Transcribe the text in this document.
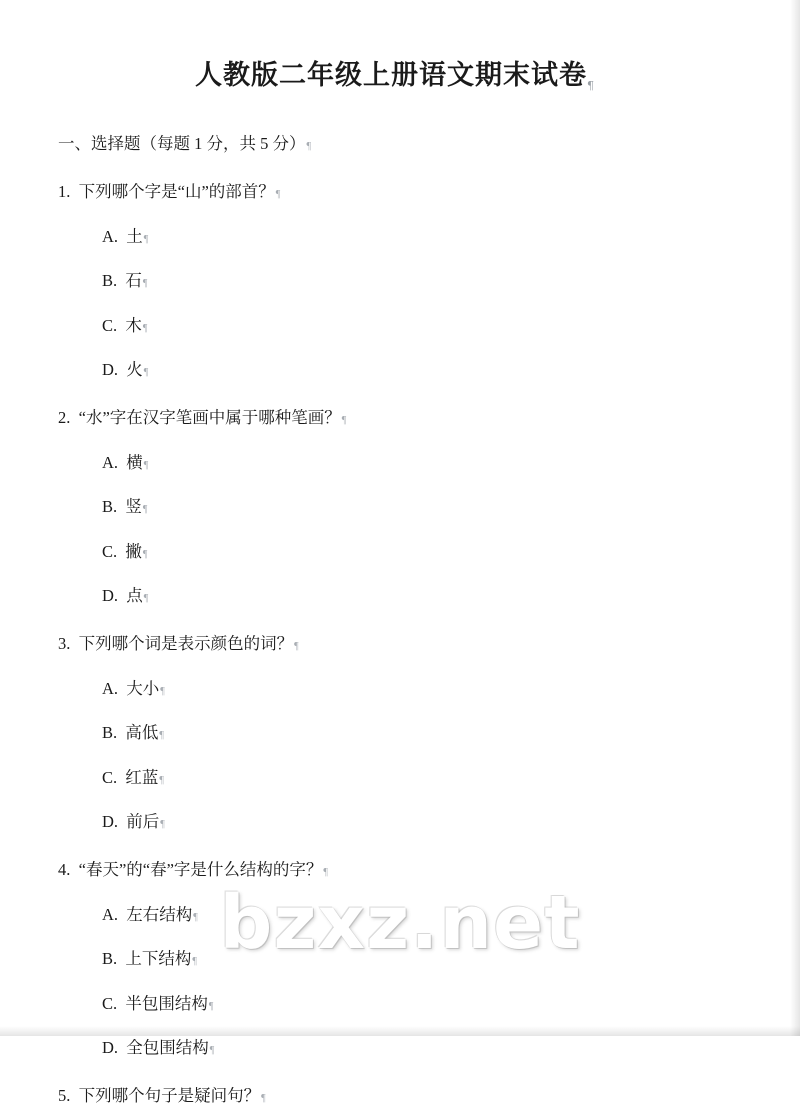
人教版二年级上册语文期末试卷¶
一、选择题（每题 1 分，共 5 分）¶
1. 下列哪个字是“山”的部首？¶
A. 土¶
B. 石¶
C. 木¶
D. 火¶
2. “水”字在汉字笔画中属于哪种笔画？¶
A. 横¶
B. 竖¶
C. 撇¶
D. 点¶
3. 下列哪个词是表示颜色的词？¶
A. 大小¶
B. 高低¶
C. 红蓝¶
D. 前后¶
4. “春天”的“春”字是什么结构的字？¶
A. 左右结构¶
B. 上下结构¶
C. 半包围结构¶
D. 全包围结构¶
5. 下列哪个句子是疑问句？¶
bzxz.net
